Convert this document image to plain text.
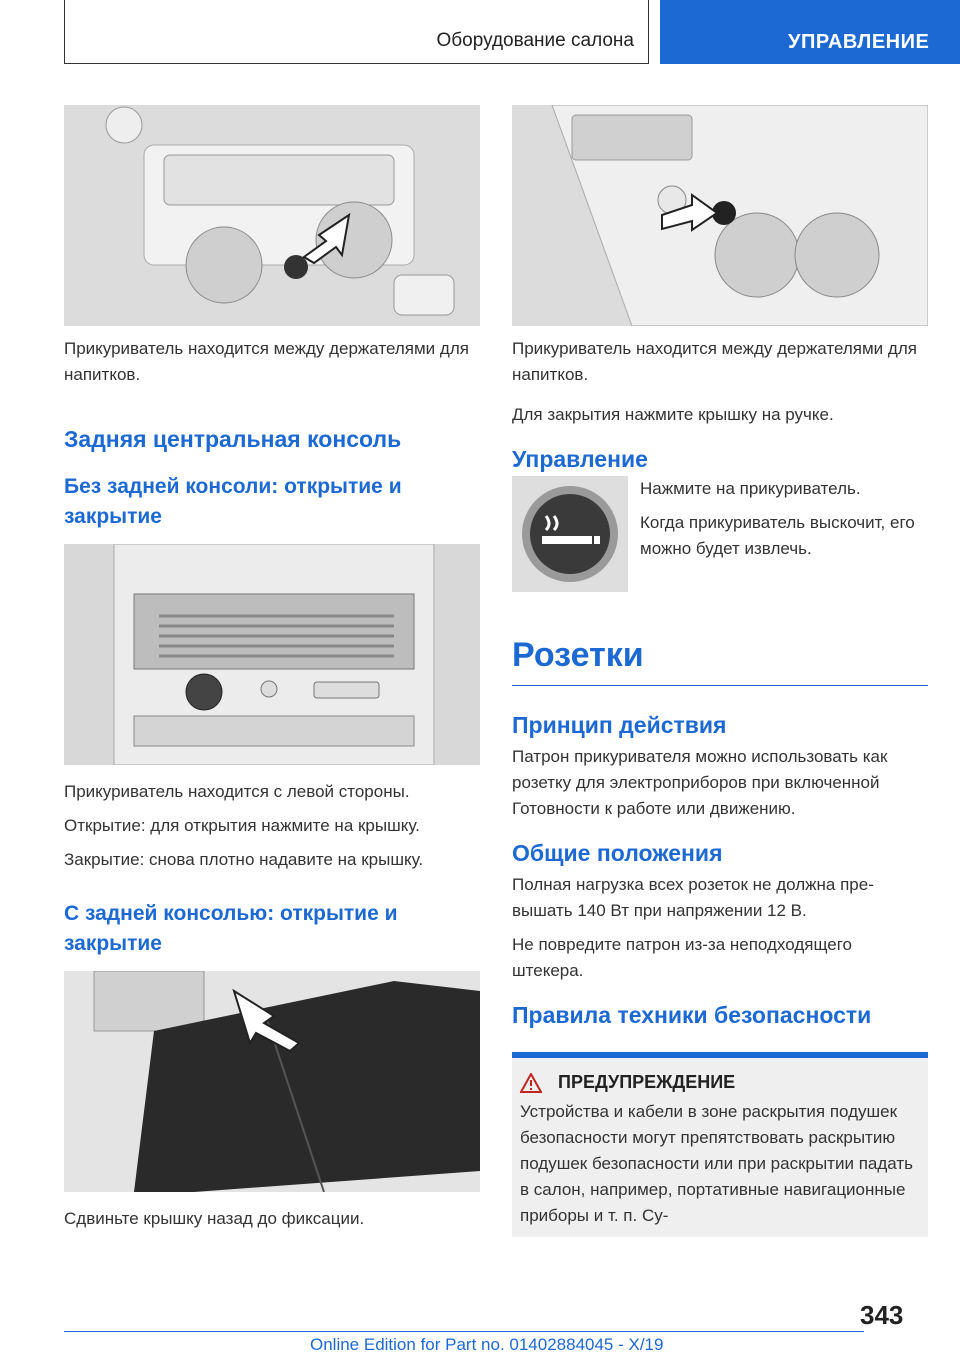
Оборудование салона	УПРАВЛЕНИЕ

Прикуриватель находится между держателями для напитков.

Задняя центральная консоль
Без задней консоли: открытие и закрытие

Прикуриватель находится с левой стороны.

Открытие: для открытия нажмите на крышку.

Закрытие: снова плотно надавите на крышку.

С задней консолью: открытие и закрытие

Сдвиньте крышку назад до фиксации.

Прикуриватель находится между держателями для напитков.

Для закрытия нажмите крышку на ручке.

Управление

Нажмите на прикуриватель.

Когда прикуриватель выскочит, его можно будет извлечь.

Розетки
Принцип действия

Патрон прикуривателя можно использовать как розетку для электроприборов при включенной Готовности к работе или движению.

Общие положения

Полная нагрузка всех розеток не должна превышать 140 Вт при напряжении 12 В.

Не повредите патрон из-за неподходящего штекера.

Правила техники безопасности
ПРЕДУПРЕЖДЕНИЕ

Устройства и кабели в зоне раскрытия подушек безопасности могут препятствовать раскрытию подушек безопасности или при раскрытии падать в салон, например, портативные навигационные приборы и т. п. Су-

343
Online Edition for Part no. 01402884045 - X/19
